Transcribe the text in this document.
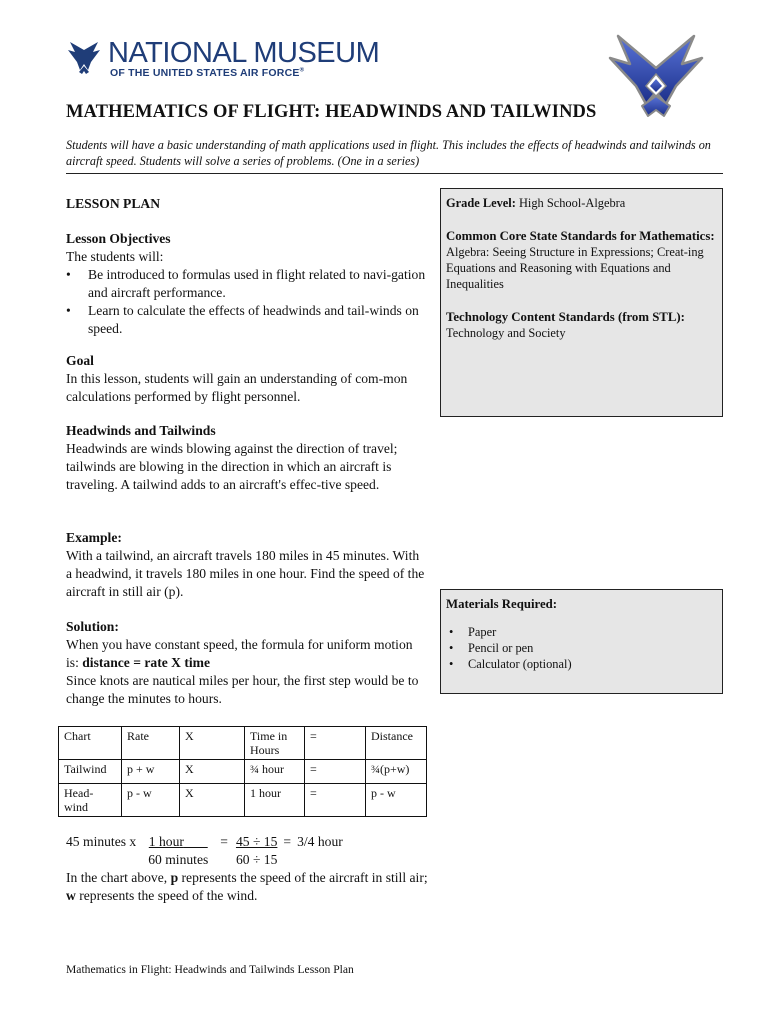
NATIONAL MUSEUM
OF THE UNITED STATES AIR FORCE®
MATHEMATICS OF FLIGHT: HEADWINDS AND TAILWINDS
Students will have a basic understanding of math applications used in flight. This includes the effects of headwinds and tailwinds on aircraft speed. Students will solve a series of problems. (One in a series)
LESSON PLAN
Lesson Objectives
The students will:
• Be introduced to formulas used in flight related to navi-gation and aircraft performance.
• Learn to calculate the effects of headwinds and tail-winds on speed.
Goal
In this lesson, students will gain an understanding of com-mon calculations performed by flight personnel.
Headwinds and Tailwinds
Headwinds are winds blowing against the direction of travel; tailwinds are blowing in the direction in which an aircraft is traveling. A tailwind adds to an aircraft's effec-tive speed.
Example:
With a tailwind, an aircraft travels 180 miles in 45 minutes. With a headwind, it travels 180 miles in one hour. Find the speed of the aircraft in still air (p).
Solution:
When you have constant speed, the formula for uniform motion is: distance = rate X time
Since knots are nautical miles per hour, the first step would be to change the minutes to hours.
Grade Level: High School-Algebra
Common Core State Standards for Mathematics:
Algebra: Seeing Structure in Expressions; Creat-ing Equations and Reasoning with Equations and Inequalities
Technology Content Standards (from STL):
Technology and Society
Materials Required:
• Paper
• Pencil or pen
• Calculator (optional)
Chart	Rate	X	Time in Hours	=	Distance
Tailwind	p + w	X	¾ hour	=	¾(p+w)
Head-wind	p - w	X	1 hour	=	p - w
45 minutes x	1 hour	=	45 ÷ 15	=	3/4 hour
	60 minutes		60 ÷ 15		
In the chart above, p represents the speed of the aircraft in still air; w represents the speed of the wind.
Mathematics in Flight: Headwinds and Tailwinds Lesson Plan
